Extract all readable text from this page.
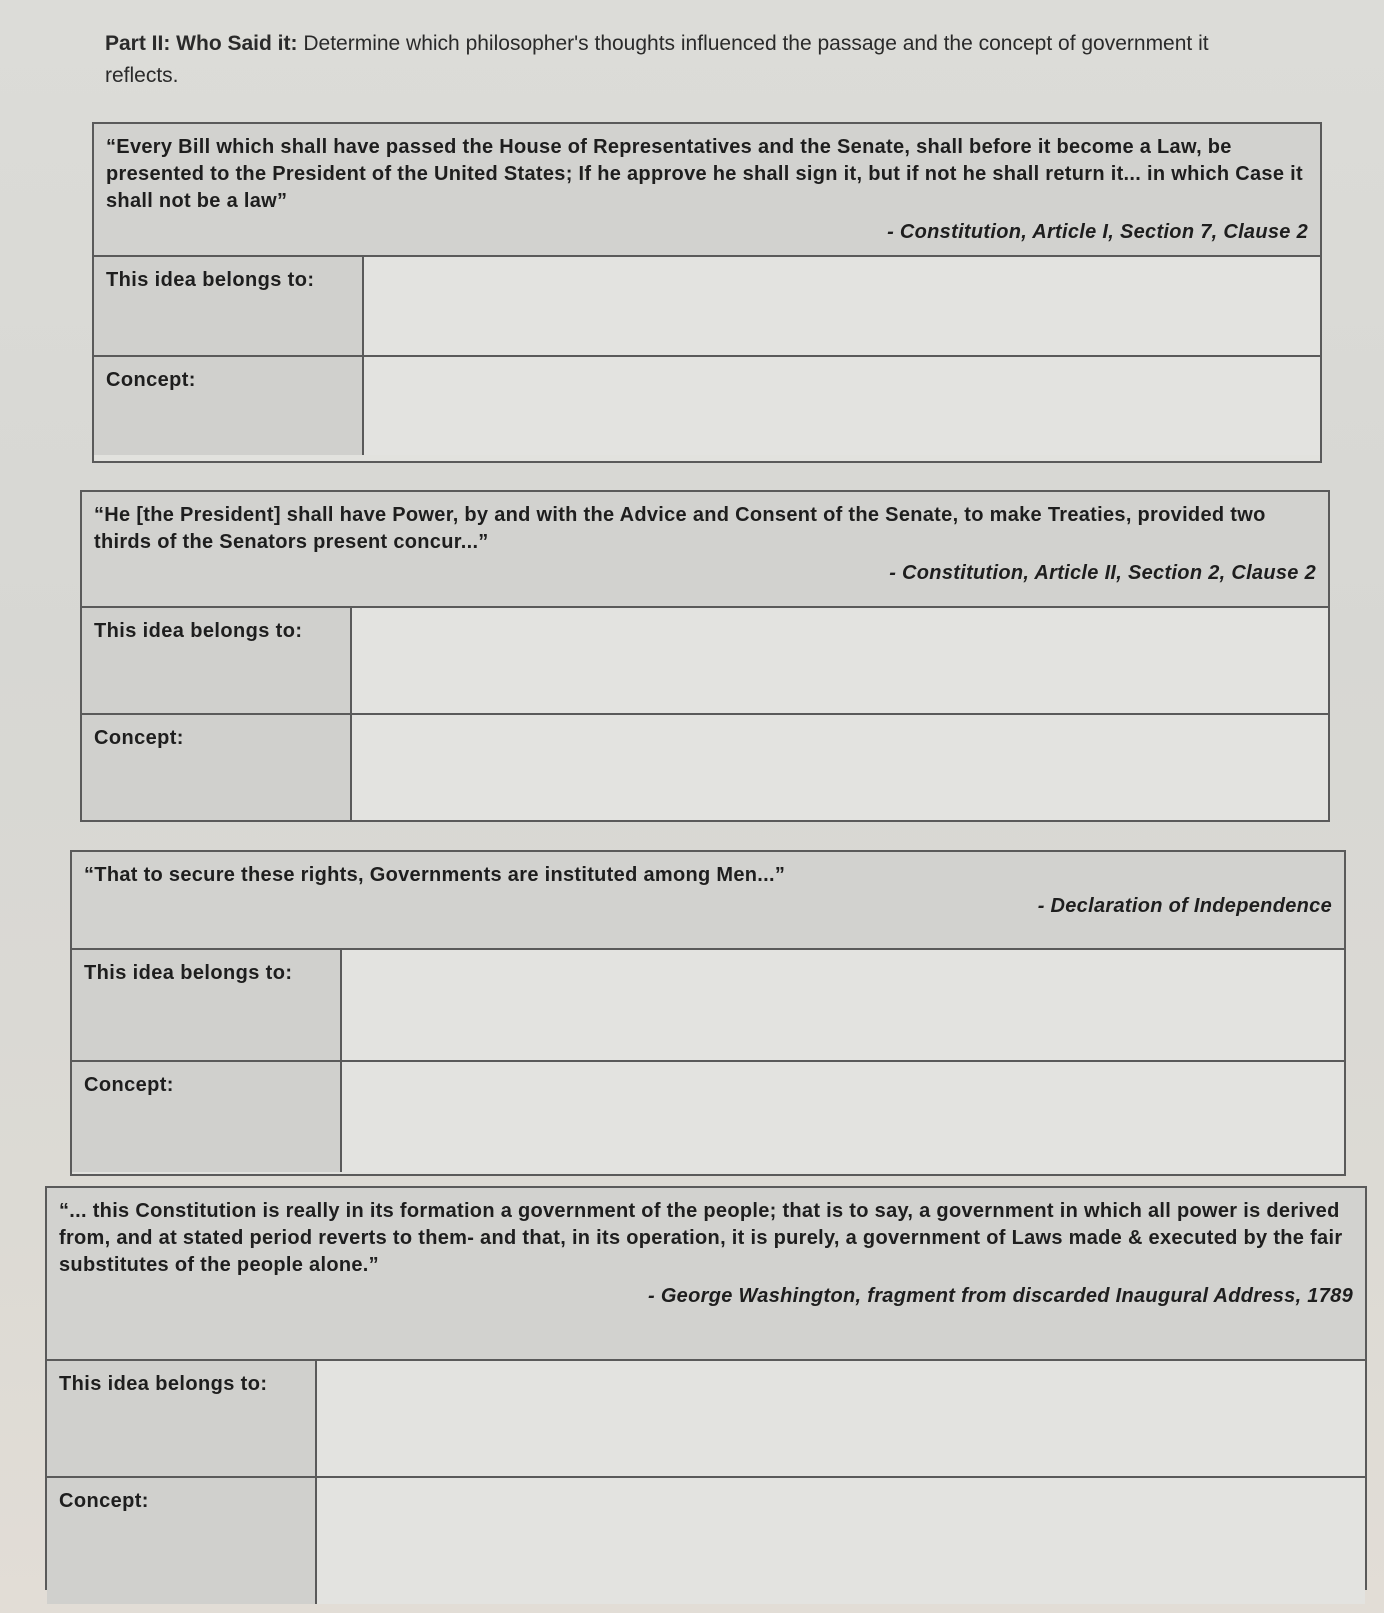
Part II: Who Said it: Determine which philosopher's thoughts influenced the passage and the concept of government it reflects.
“Every Bill which shall have passed the House of Representatives and the Senate, shall before it become a Law, be presented to the President of the United States; If he approve he shall sign it, but if not he shall return it... in which Case it shall not be a law”
- Constitution, Article I, Section 7, Clause 2
This idea belongs to:
Concept:
“He [the President] shall have Power, by and with the Advice and Consent of the Senate, to make Treaties, provided two thirds of the Senators present concur...”
- Constitution, Article II, Section 2, Clause 2
This idea belongs to:
Concept:
“That to secure these rights, Governments are instituted among Men...”
- Declaration of Independence
This idea belongs to:
Concept:
“... this Constitution is really in its formation a government of the people; that is to say, a government in which all power is derived from, and at stated period reverts to them- and that, in its operation, it is purely, a government of Laws made & executed by the fair substitutes of the people alone.”
- George Washington, fragment from discarded Inaugural Address, 1789
This idea belongs to:
Concept:
